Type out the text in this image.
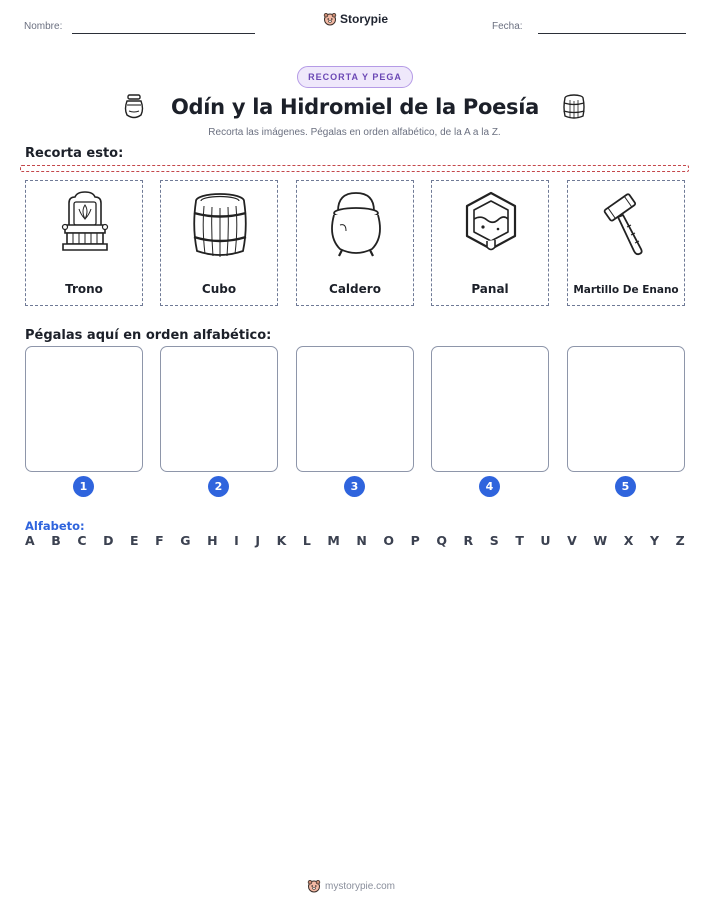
Nombre:
Storypie
Fecha:
RECORTA Y PEGA
Odín y la Hidromiel de la Poesía
Recorta las imágenes. Pégalas en orden alfabético, de la A a la Z.
Recorta esto:
Trono	Cubo	Caldero	Panal	Martillo De Enano
Pégalas aquí en orden alfabético:
1	2	3	4	5
Alfabeto:
A B C D E F G H I J K L M N O P Q R S T U V W X Y Z
mystorypie.com
